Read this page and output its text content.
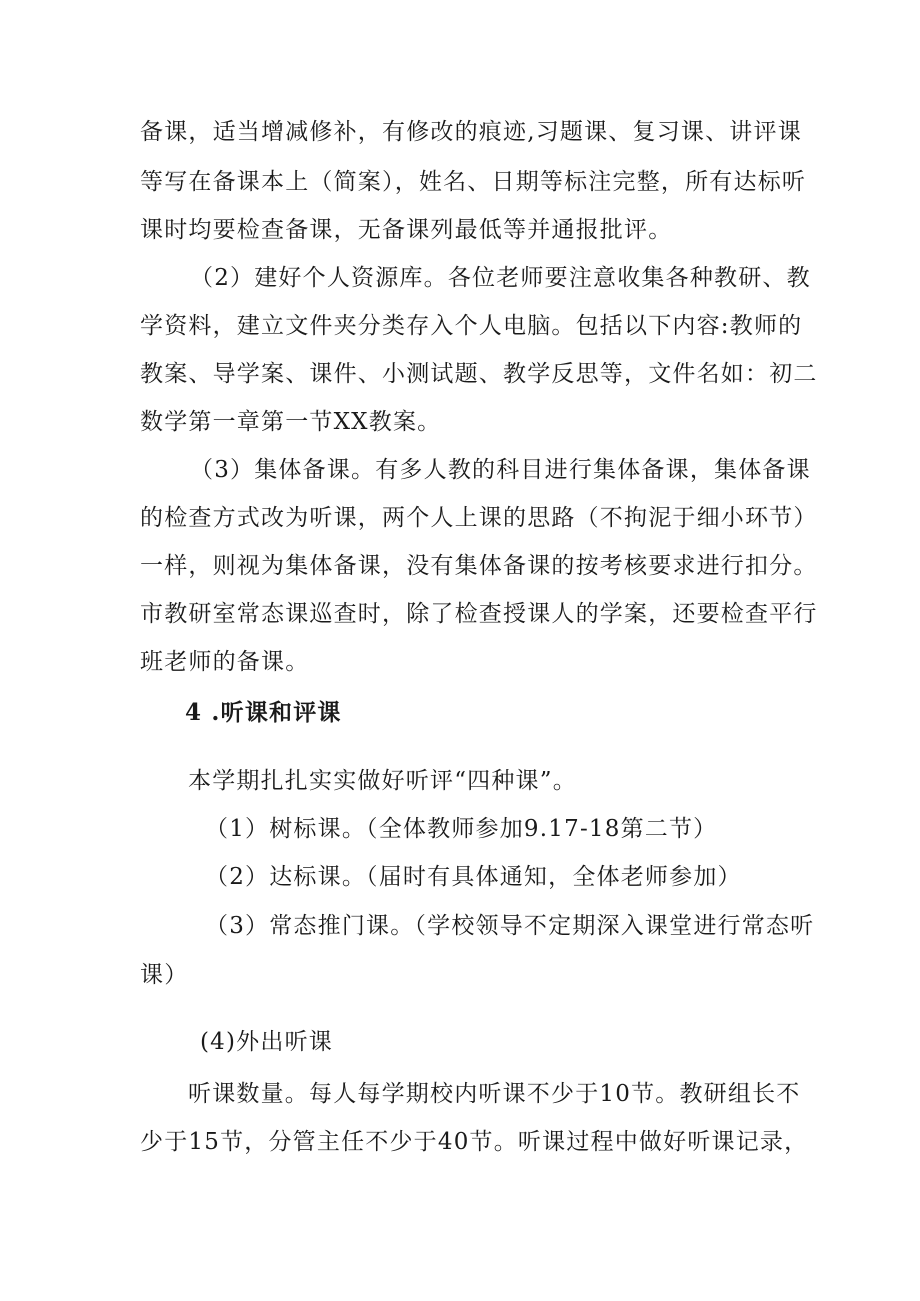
备课，适当增减修补，有修改的痕迹,习题课、复习课、讲评课
等写在备课本上（简案），姓名、日期等标注完整，所有达标听
课时均要检查备课，无备课列最低等并通报批评。
（2）建好个人资源库。各位老师要注意收集各种教研、教
学资料，建立文件夹分类存入个人电脑。包括以下内容:教师的
教案、导学案、课件、小测试题、教学反思等，文件名如：初二
数学第一章第一节XX教案。
（3）集体备课。有多人教的科目进行集体备课，集体备课
的检查方式改为听课，两个人上课的思路（不拘泥于细小环节）
一样，则视为集体备课，没有集体备课的按考核要求进行扣分。
市教研室常态课巡查时，除了检查授课人的学案，还要检查平行
班老师的备课。
4 .听课和评课
本学期扎扎实实做好听评“四种课”。
（1）树标课。（全体教师参加9.17-18第二节）
（2）达标课。（届时有具体通知，全体老师参加）
（3）常态推门课。（学校领导不定期深入课堂进行常态听
课）
(4)外出听课
听课数量。每人每学期校内听课不少于10节。教研组长不
少于15节，分管主任不少于40节。听课过程中做好听课记录，
